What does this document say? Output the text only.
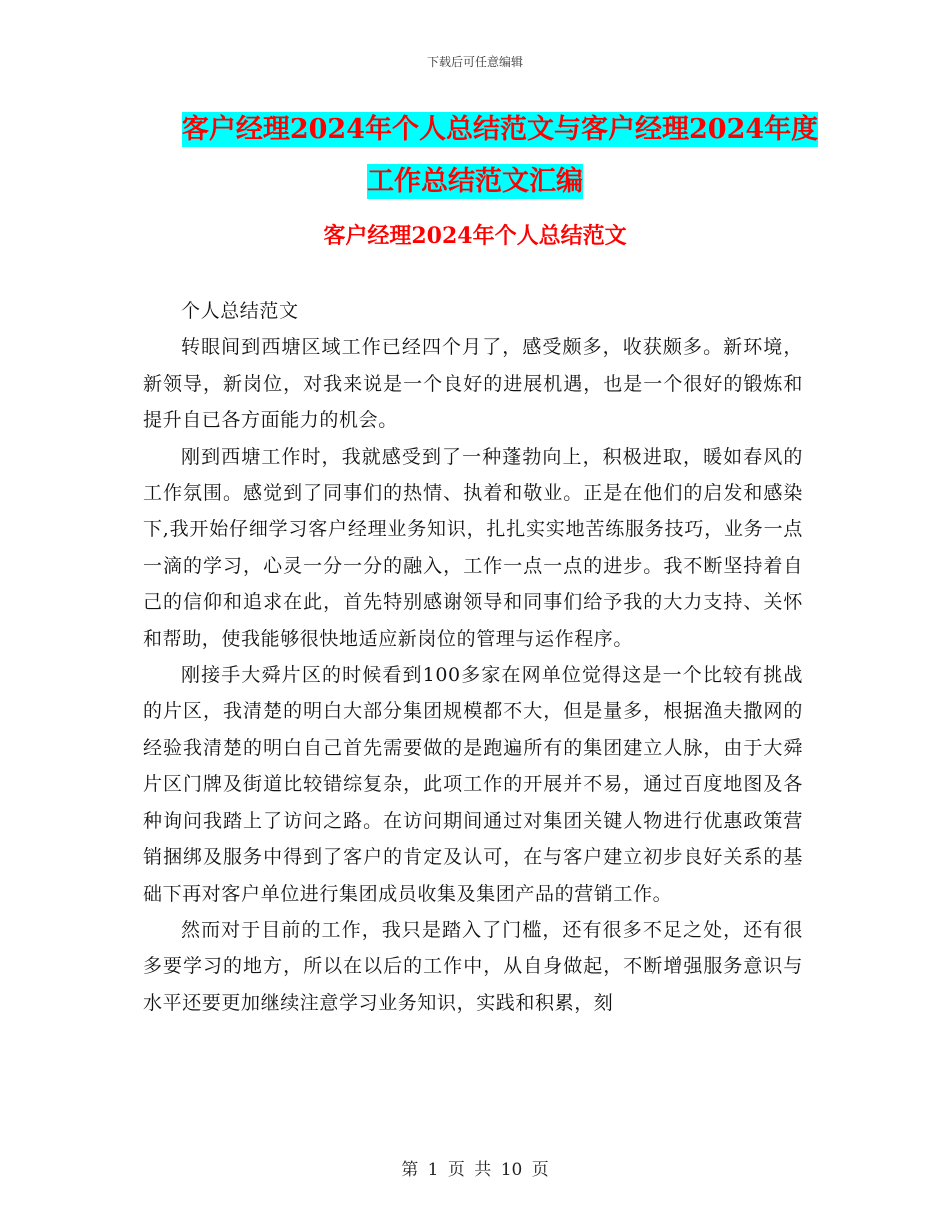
下载后可任意编辑
客户经理2024年个人总结范文与客户经理2024年度
工作总结范文汇编
客户经理2024年个人总结范文

个人总结范文

转眼间到西塘区域工作已经四个月了，感受颇多，收获颇多。新环境，新领导，新岗位，对我来说是一个良好的进展机遇，也是一个很好的锻炼和提升自已各方面能力的机会。

刚到西塘工作时，我就感受到了一种蓬勃向上，积极进取，暖如春风的工作氛围。感觉到了同事们的热情、执着和敬业。正是在他们的启发和感染下,我开始仔细学习客户经理业务知识，扎扎实实地苦练服务技巧，业务一点一滴的学习，心灵一分一分的融入，工作一点一点的进步。我不断坚持着自己的信仰和追求在此，首先特别感谢领导和同事们给予我的大力支持、关怀和帮助，使我能够很快地适应新岗位的管理与运作程序。

刚接手大舜片区的时候看到100多家在网单位觉得这是一个比较有挑战的片区，我清楚的明白大部分集团规模都不大，但是量多，根据渔夫撒网的经验我清楚的明白自己首先需要做的是跑遍所有的集团建立人脉，由于大舜片区门牌及街道比较错综复杂，此项工作的开展并不易，通过百度地图及各种询问我踏上了访问之路。在访问期间通过对集团关键人物进行优惠政策营销捆绑及服务中得到了客户的肯定及认可，在与客户建立初步良好关系的基础下再对客户单位进行集团成员收集及集团产品的营销工作。

然而对于目前的工作，我只是踏入了门槛，还有很多不足之处，还有很多要学习的地方，所以在以后的工作中，从自身做起，不断增强服务意识与水平还要更加继续注意学习业务知识，实践和积累，刻

第 1 页 共 10 页
